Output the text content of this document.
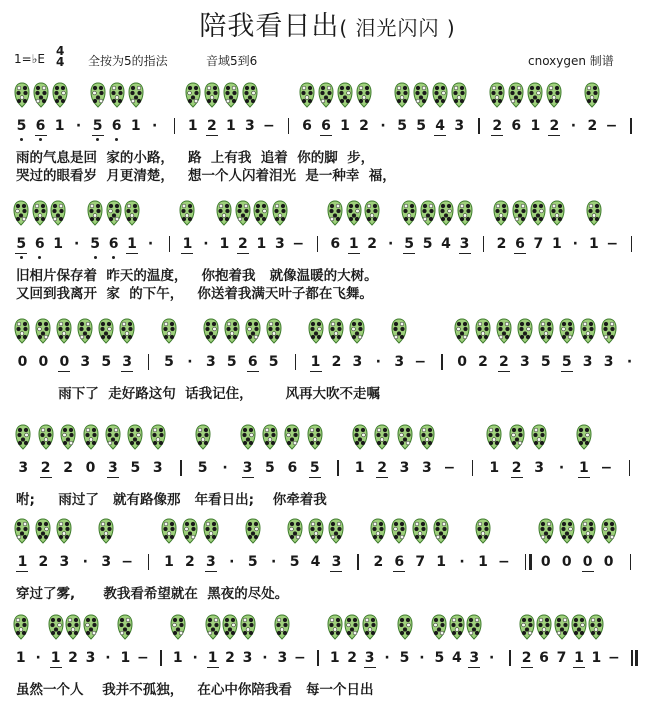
陪我看日出( 泪光闪闪 )
1=♭E
4
4 全按为5的指法	音域5到6	cnoxygen 制谱
5 6 1 · 5 6 1 ·	1 2 1 3 − 6 6 1 2 · 5 5 4 3 2 6 1 2 · 2 −
雨的气息是回  家的小路，   路  上有我  追着  你的脚  步，
哭过的眼看岁  月更清楚，   想一个人闪着泪光  是一种幸  福，
5 6 1 · 5 6 1 ·	1 · 1 2 1 3 − 6 1 2 · 5 5 4 3 2 6 7 1 · 1 −
旧相片保存着  昨天的温度，   你抱着我   就像温暖的大树。
又回到我离开  家  的下午，   你送着我满天叶子都在飞舞。
0 0 0 3 5 3 5 · 3 5 6 5 1 2 3 · 3 − 0 2 2 3 5 5 3 3 ·
雨下了  走好路这句  话我记住，       风再大吹不走嘱
3 2 2 0 3 5 3	5	·	3 5 6 5	1 2 3 3 − 1 2 3	·	1 −
咐;     雨过了   就有路像那   年看日出;    你牵着我
1 2 3 · 3 − 1 2 3 · 5 · 5 4 3 2 6 7 1 · 1 − 0 0 0 0
穿过了雾,      教我看希望就在  黑夜的尽处。
1 · 1 2 3 · 1 − 1 · 1 2 3 · 3 − 1 2 3 · 5 · 5 4 3 ·	2 6 7 1 1 −
虽然一个人    我并不孤独，   在心中你陪我看   每一个日出
